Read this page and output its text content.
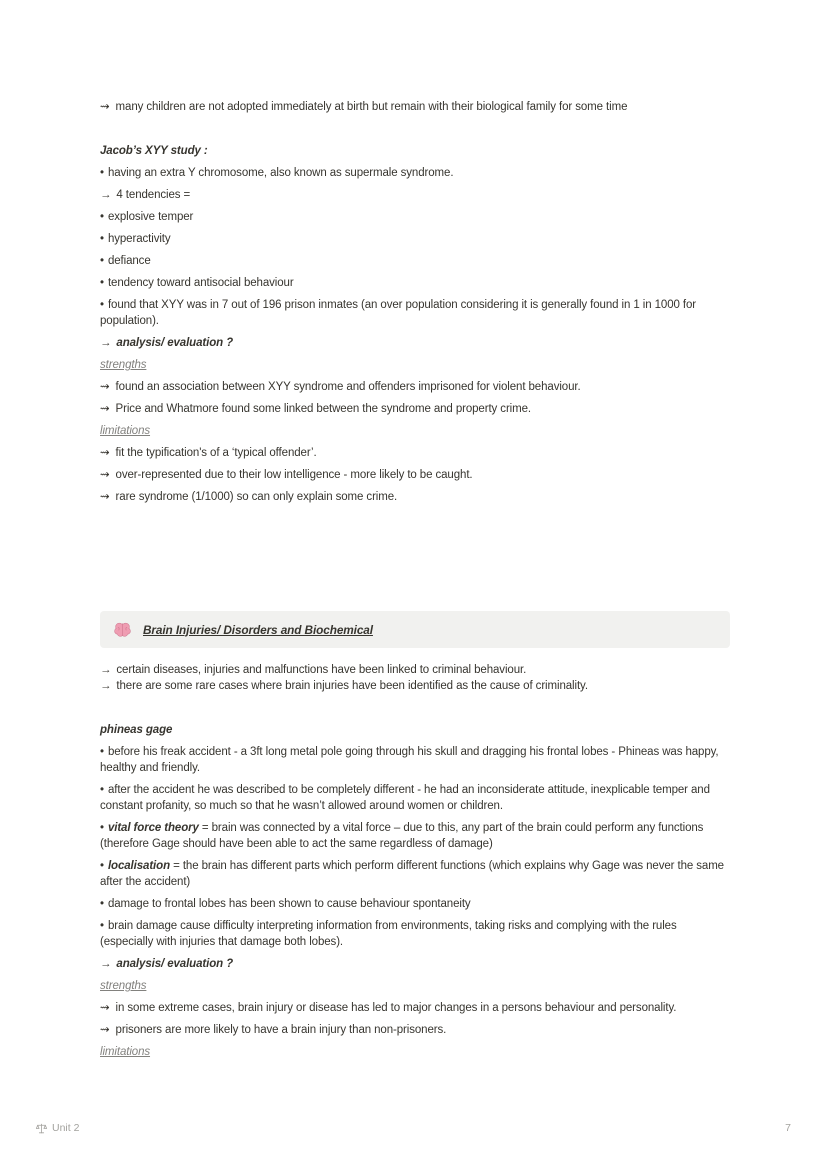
⇝ many children are not adopted immediately at birth but remain with their biological family for some time

Jacob’s XYY study :

• having an extra Y chromosome, also known as supermale syndrome.

→ 4 tendencies =

• explosive temper

• hyperactivity

• defiance

• tendency toward antisocial behaviour

• found that XYY was in 7 out of 196 prison inmates (an over population considering it is generally found in 1 in 1000 for population).

→ analysis/ evaluation ?

strengths

⇝ found an association between XYY syndrome and offenders imprisoned for violent behaviour.

⇝ Price and Whatmore found some linked between the syndrome and property crime.

limitations

⇝ fit the typification's of a ‘typical offender’.

⇝ over-represented due to their low intelligence - more likely to be caught.

⇝ rare syndrome (1/1000) so can only explain some crime.

Brain Injuries/ Disorders and Biochemical

→ certain diseases, injuries and malfunctions have been linked to criminal behaviour.

→ there are some rare cases where brain injuries have been identified as the cause of criminality.

phineas gage

• before his freak accident - a 3ft long metal pole going through his skull and dragging his frontal lobes - Phineas was happy, healthy and friendly.

• after the accident he was described to be completely different - he had an inconsiderate attitude, inexplicable temper and constant profanity, so much so that he wasn’t allowed around women or children.

• vital force theory = brain was connected by a vital force – due to this, any part of the brain could perform any functions (therefore Gage should have been able to act the same regardless of damage)

• localisation = the brain has different parts which perform different functions (which explains why Gage was never the same after the accident)

• damage to frontal lobes has been shown to cause behaviour spontaneity

• brain damage cause difficulty interpreting information from environments, taking risks and complying with the rules (especially with injuries that damage both lobes).

→ analysis/ evaluation ?

strengths

⇝ in some extreme cases, brain injury or disease has led to major changes in a persons behaviour and personality.

⇝ prisoners are more likely to have a brain injury than non-prisoners.

limitations

Unit 2	7
